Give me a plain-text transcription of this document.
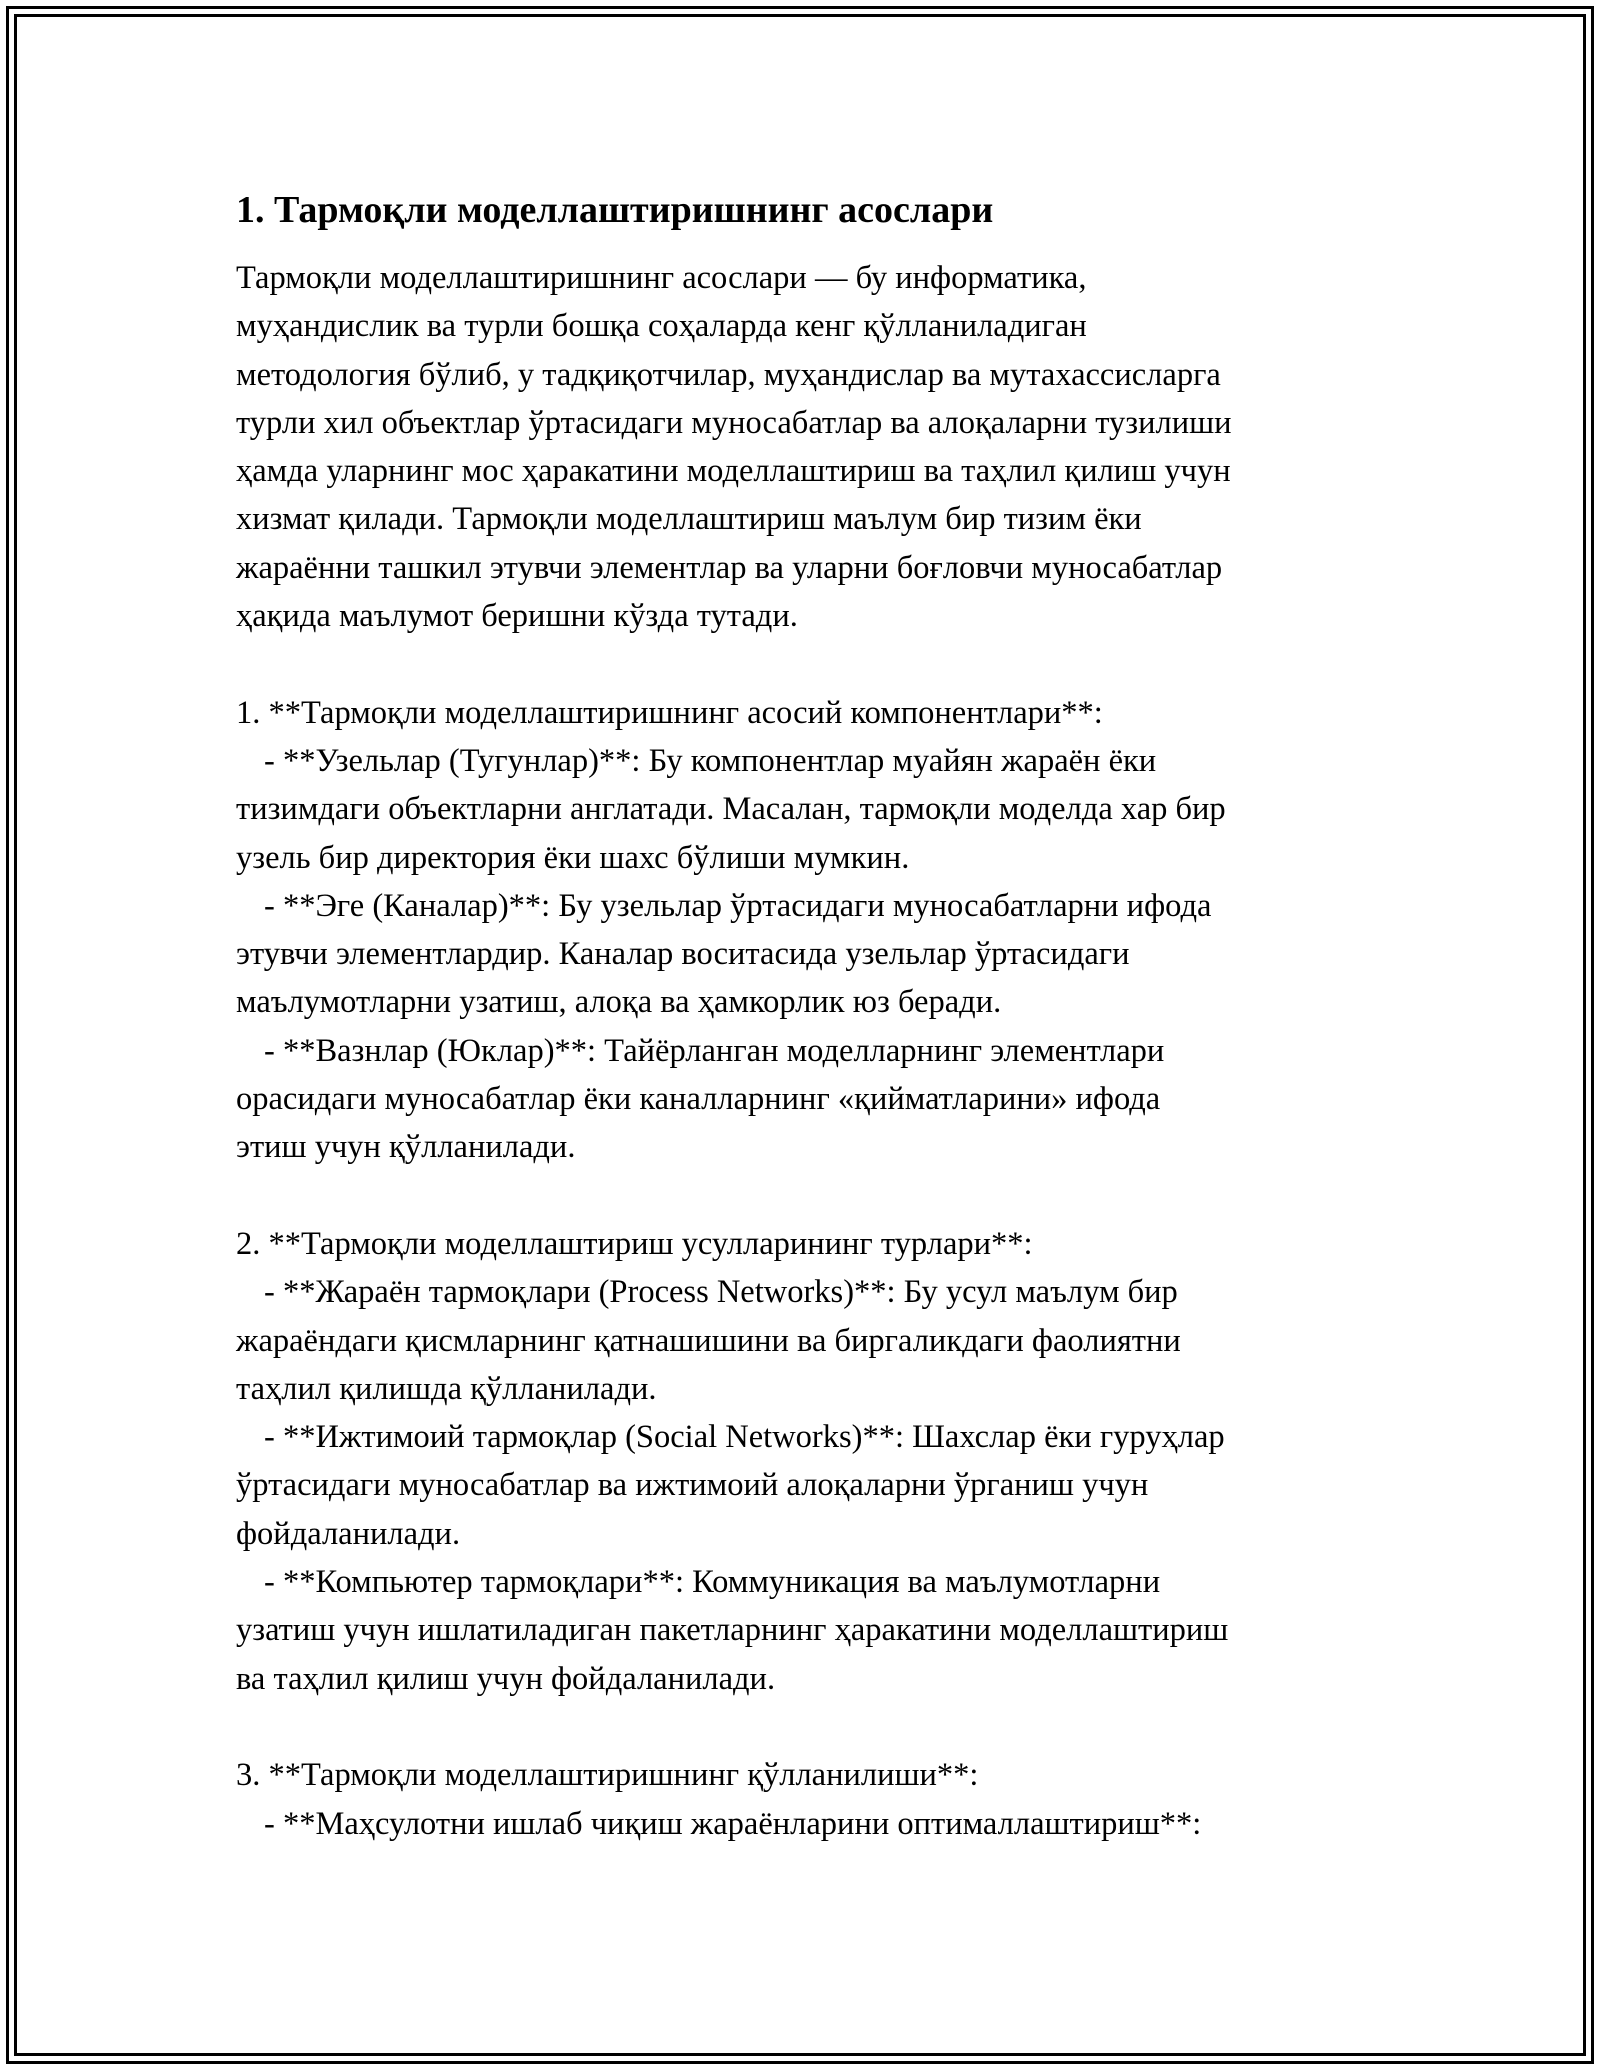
1. Тармоқли моделлаштиришнинг асослари
Тармоқли моделлаштиришнинг асослари — бу информатика,
муҳандислик ва турли бошқа соҳаларда кенг қўлланиладиган
методология бўлиб, у тадқиқотчилар, муҳандислар ва мутахассисларга
турли хил объектлар ўртасидаги муносабатлар ва алоқаларни тузилиши
ҳамда уларнинг мос ҳаракатини моделлаштириш ва таҳлил қилиш учун
хизмат қилади. Тармоқли моделлаштириш маълум бир тизим ёки
жараённи ташкил этувчи элементлар ва уларни боғловчи муносабатлар
ҳақида маълумот беришни кўзда тутади.
1. **Тармоқли моделлаштиришнинг асосий компонентлари**:
- **Узельлар (Тугунлар)**: Бу компонентлар муайян жараён ёки
тизимдаги объектларни англатади. Масалан, тармоқли моделда хар бир
узель бир директория ёки шахс бўлиши мумкин.
- **Эге (Каналар)**: Бу узельлар ўртасидаги муносабатларни ифода
этувчи элементлардир. Каналар воситасида узельлар ўртасидаги
маълумотларни узатиш, алоқа ва ҳамкорлик юз беради.
- **Вазнлар (Юклар)**: Тайёрланган моделларнинг элементлари
орасидаги муносабатлар ёки каналларнинг «қийматларини» ифода
этиш учун қўлланилади.
2. **Тармоқли моделлаштириш усулларининг турлари**:
- **Жараён тармоқлари (Process Networks)**: Бу усул маълум бир
жараёндаги қисмларнинг қатнашишини ва биргаликдаги фаолиятни
таҳлил қилишда қўлланилади.
- **Ижтимоий тармоқлар (Social Networks)**: Шахслар ёки гуруҳлар
ўртасидаги муносабатлар ва ижтимоий алоқаларни ўрганиш учун
фойдаланилади.
- **Компьютер тармоқлари**: Коммуникация ва маълумотларни
узатиш учун ишлатиладиган пакетларнинг ҳаракатини моделлаштириш
ва таҳлил қилиш учун фойдаланилади.
3. **Тармоқли моделлаштиришнинг қўлланилиши**:
- **Маҳсулотни ишлаб чиқиш жараёнларини оптималлаштириш**:
